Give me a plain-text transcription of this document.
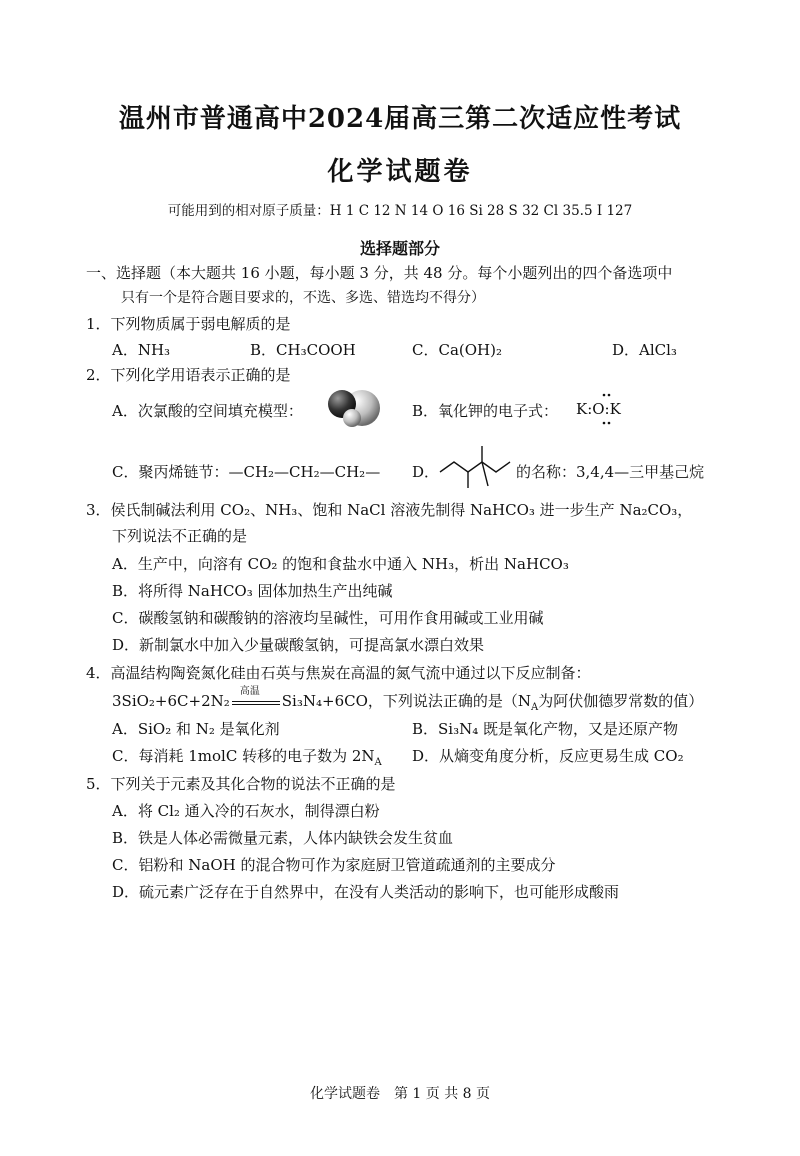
温州市普通高中2024届高三第二次适应性考试
化学试题卷
可能用到的相对原子质量：H 1 C 12 N 14 O 16 Si 28 S 32 Cl 35.5 I 127
选择题部分
一、选择题（本大题共 16 小题，每小题 3 分，共 48 分。每个小题列出的四个备选项中
只有一个是符合题目要求的，不选、多选、错选均不得分）
1．下列物质属于弱电解质的是
A．NH₃	B．CH₃COOH	C．Ca(OH)₂	D．AlCl₃
2．下列化学用语表示正确的是
A．次氯酸的空间填充模型：	B．氧化钾的电子式： K:O:K
C．聚丙烯链节：—CH₂—CH₂—CH₂— D．	的名称：3,4,4—三甲基己烷
3．侯氏制碱法利用 CO₂、NH₃、饱和 NaCl 溶液先制得 NaHCO₃ 进一步生产 Na₂CO₃，
下列说法不正确的是
A．生产中，向溶有 CO₂ 的饱和食盐水中通入 NH₃，析出 NaHCO₃
B．将所得 NaHCO₃ 固体加热生产出纯碱
C．碳酸氢钠和碳酸钠的溶液均呈碱性，可用作食用碱或工业用碱
D．新制氯水中加入少量碳酸氢钠，可提高氯水漂白效果
4．高温结构陶瓷氮化硅由石英与焦炭在高温的氮气流中通过以下反应制备：
3SiO₂+6C+2N₂
高温
Si₃N₄+6CO，下列说法正确的是（$N_A$为阿伏伽德罗常数的值）
A．SiO₂ 和 N₂ 是氧化剂	B．Si₃N₄ 既是氧化产物，又是还原产物
C．每消耗 1molC 转移的电子数为 $2N_A$ D．从熵变角度分析，反应更易生成 CO₂
5．下列关于元素及其化合物的说法不正确的是
A．将 Cl₂ 通入冷的石灰水，制得漂白粉
B．铁是人体必需微量元素，人体内缺铁会发生贫血
C．铝粉和 NaOH 的混合物可作为家庭厨卫管道疏通剂的主要成分
D．硫元素广泛存在于自然界中，在没有人类活动的影响下，也可能形成酸雨
化学试题卷　第 1 页 共 8 页
